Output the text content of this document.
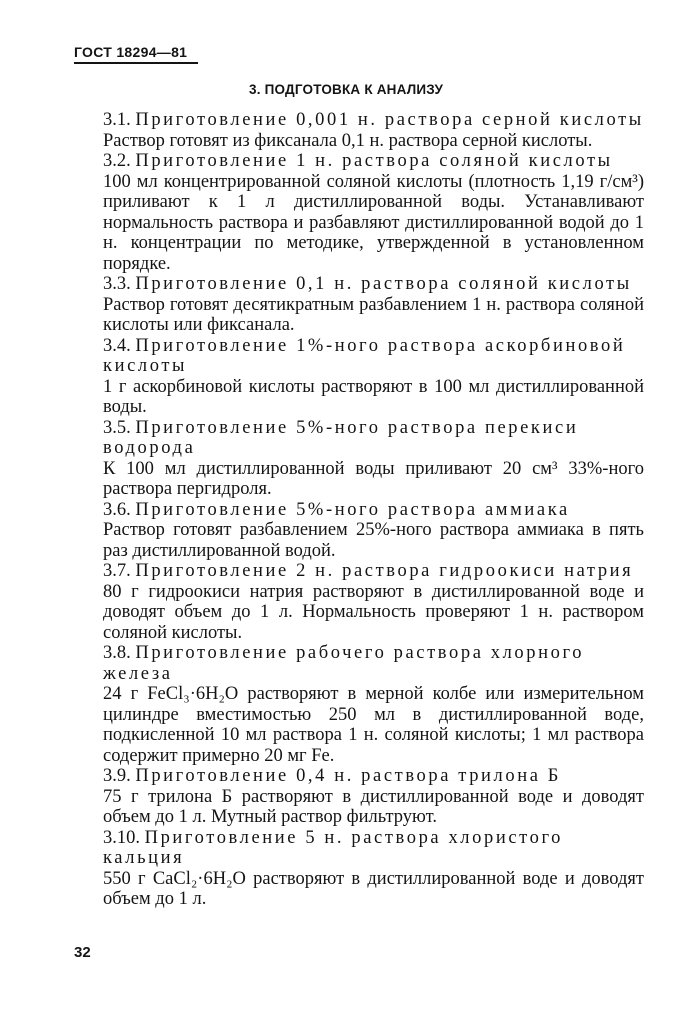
ГОСТ 18294—81
3. ПОДГОТОВКА К АНАЛИЗУ
3.1. Приготовление 0,001 н. раствора серной кислоты
Раствор готовят из фиксанала 0,1 н. раствора серной кислоты.
3.2. Приготовление 1 н. раствора соляной кислоты
100 мл концентрированной соляной кислоты (плотность 1,19 г/см³) приливают к 1 л дистиллированной воды. Устанавливают нормальность раствора и разбавляют дистиллированной водой до 1 н. концентрации по методике, утвержденной в установленном порядке.
3.3. Приготовление 0,1 н. раствора соляной кислоты
Раствор готовят десятикратным разбавлением 1 н. раствора соляной кислоты или фиксанала.
3.4. Приготовление 1%-ного раствора аскорбиновой кислоты
1 г аскорбиновой кислоты растворяют в 100 мл дистиллированной воды.
3.5. Приготовление 5%-ного раствора перекиси водорода
К 100 мл дистиллированной воды приливают 20 см³ 33%-ного раствора пергидроля.
3.6. Приготовление 5%-ного раствора аммиака
Раствор готовят разбавлением 25%-ного раствора аммиака в пять раз дистиллированной водой.
3.7. Приготовление 2 н. раствора гидроокиси натрия
80 г гидроокиси натрия растворяют в дистиллированной воде и доводят объем до 1 л. Нормальность проверяют 1 н. раствором соляной кислоты.
3.8. Приготовление рабочего раствора хлорного железа
24 г FeCl₃·6H₂O растворяют в мерной колбе или измерительном цилиндре вместимостью 250 мл в дистиллированной воде, подкисленной 10 мл раствора 1 н. соляной кислоты; 1 мл раствора содержит примерно 20 мг Fe.
3.9. Приготовление 0,4 н. раствора трилона Б
75 г трилона Б растворяют в дистиллированной воде и доводят объем до 1 л. Мутный раствор фильтруют.
3.10. Приготовление 5 н. раствора хлористого кальция
550 г CaCl₂·6H₂O растворяют в дистиллированной воде и доводят объем до 1 л.
32
